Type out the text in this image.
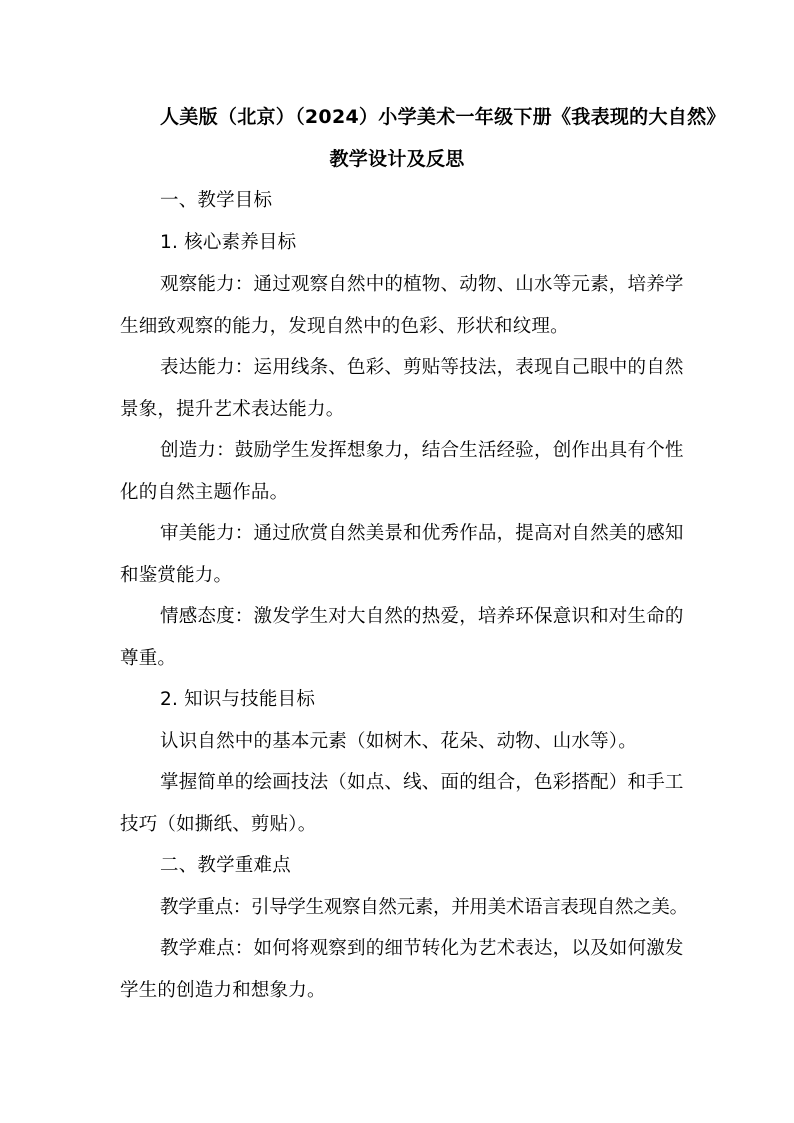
人美版（北京）（2024）小学美术一年级下册《我表现的大自然》
教学设计及反思
一、教学目标
1. 核心素养目标
观察能力：通过观察自然中的植物、动物、山水等元素，培养学
生细致观察的能力，发现自然中的色彩、形状和纹理。
表达能力：运用线条、色彩、剪贴等技法，表现自己眼中的自然
景象，提升艺术表达能力。
创造力：鼓励学生发挥想象力，结合生活经验，创作出具有个性
化的自然主题作品。
审美能力：通过欣赏自然美景和优秀作品，提高对自然美的感知
和鉴赏能力。
情感态度：激发学生对大自然的热爱，培养环保意识和对生命的
尊重。
2. 知识与技能目标
认识自然中的基本元素（如树木、花朵、动物、山水等）。
掌握简单的绘画技法（如点、线、面的组合，色彩搭配）和手工
技巧（如撕纸、剪贴）。
二、教学重难点
教学重点：引导学生观察自然元素，并用美术语言表现自然之美。
教学难点：如何将观察到的细节转化为艺术表达，以及如何激发
学生的创造力和想象力。
